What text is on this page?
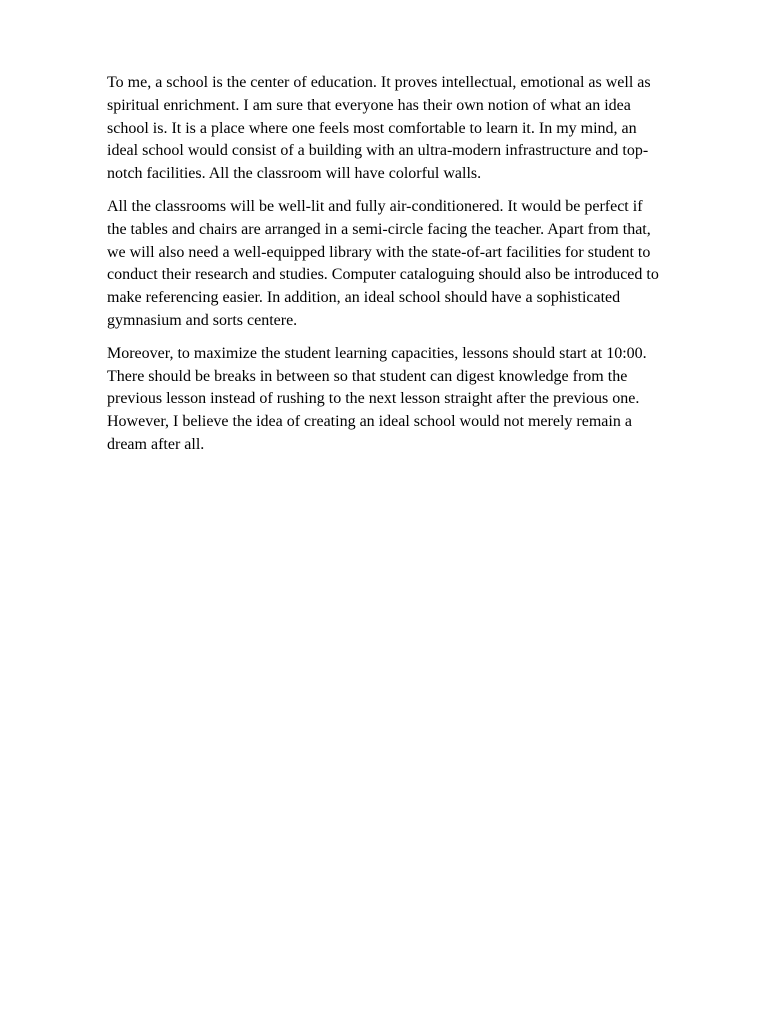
To me, a school is the center of education. It proves intellectual, emotional as well as
spiritual enrichment. I am sure that everyone has their own notion of what an idea
school is. It is a place where one feels most comfortable to learn it. In my mind, an
ideal school would consist of a building with an ultra-modern infrastructure and top-
notch facilities. All the classroom will have colorful walls.

All the classrooms will be well-lit and fully air-conditionered. It would be perfect if
the tables and chairs are arranged in a semi-circle facing the teacher. Apart from that,
we will also need a well-equipped library with the state-of-art facilities for student to
conduct their research and studies. Computer cataloguing should also be introduced to
make referencing easier. In addition, an ideal school should have a sophisticated
gymnasium and sorts centere.

Moreover, to maximize the student learning capacities, lessons should start at 10:00.
There should be breaks in between so that student can digest knowledge from the
previous lesson instead of rushing to the next lesson straight after the previous one.
However, I believe the idea of creating an ideal school would not merely remain a
dream after all.
